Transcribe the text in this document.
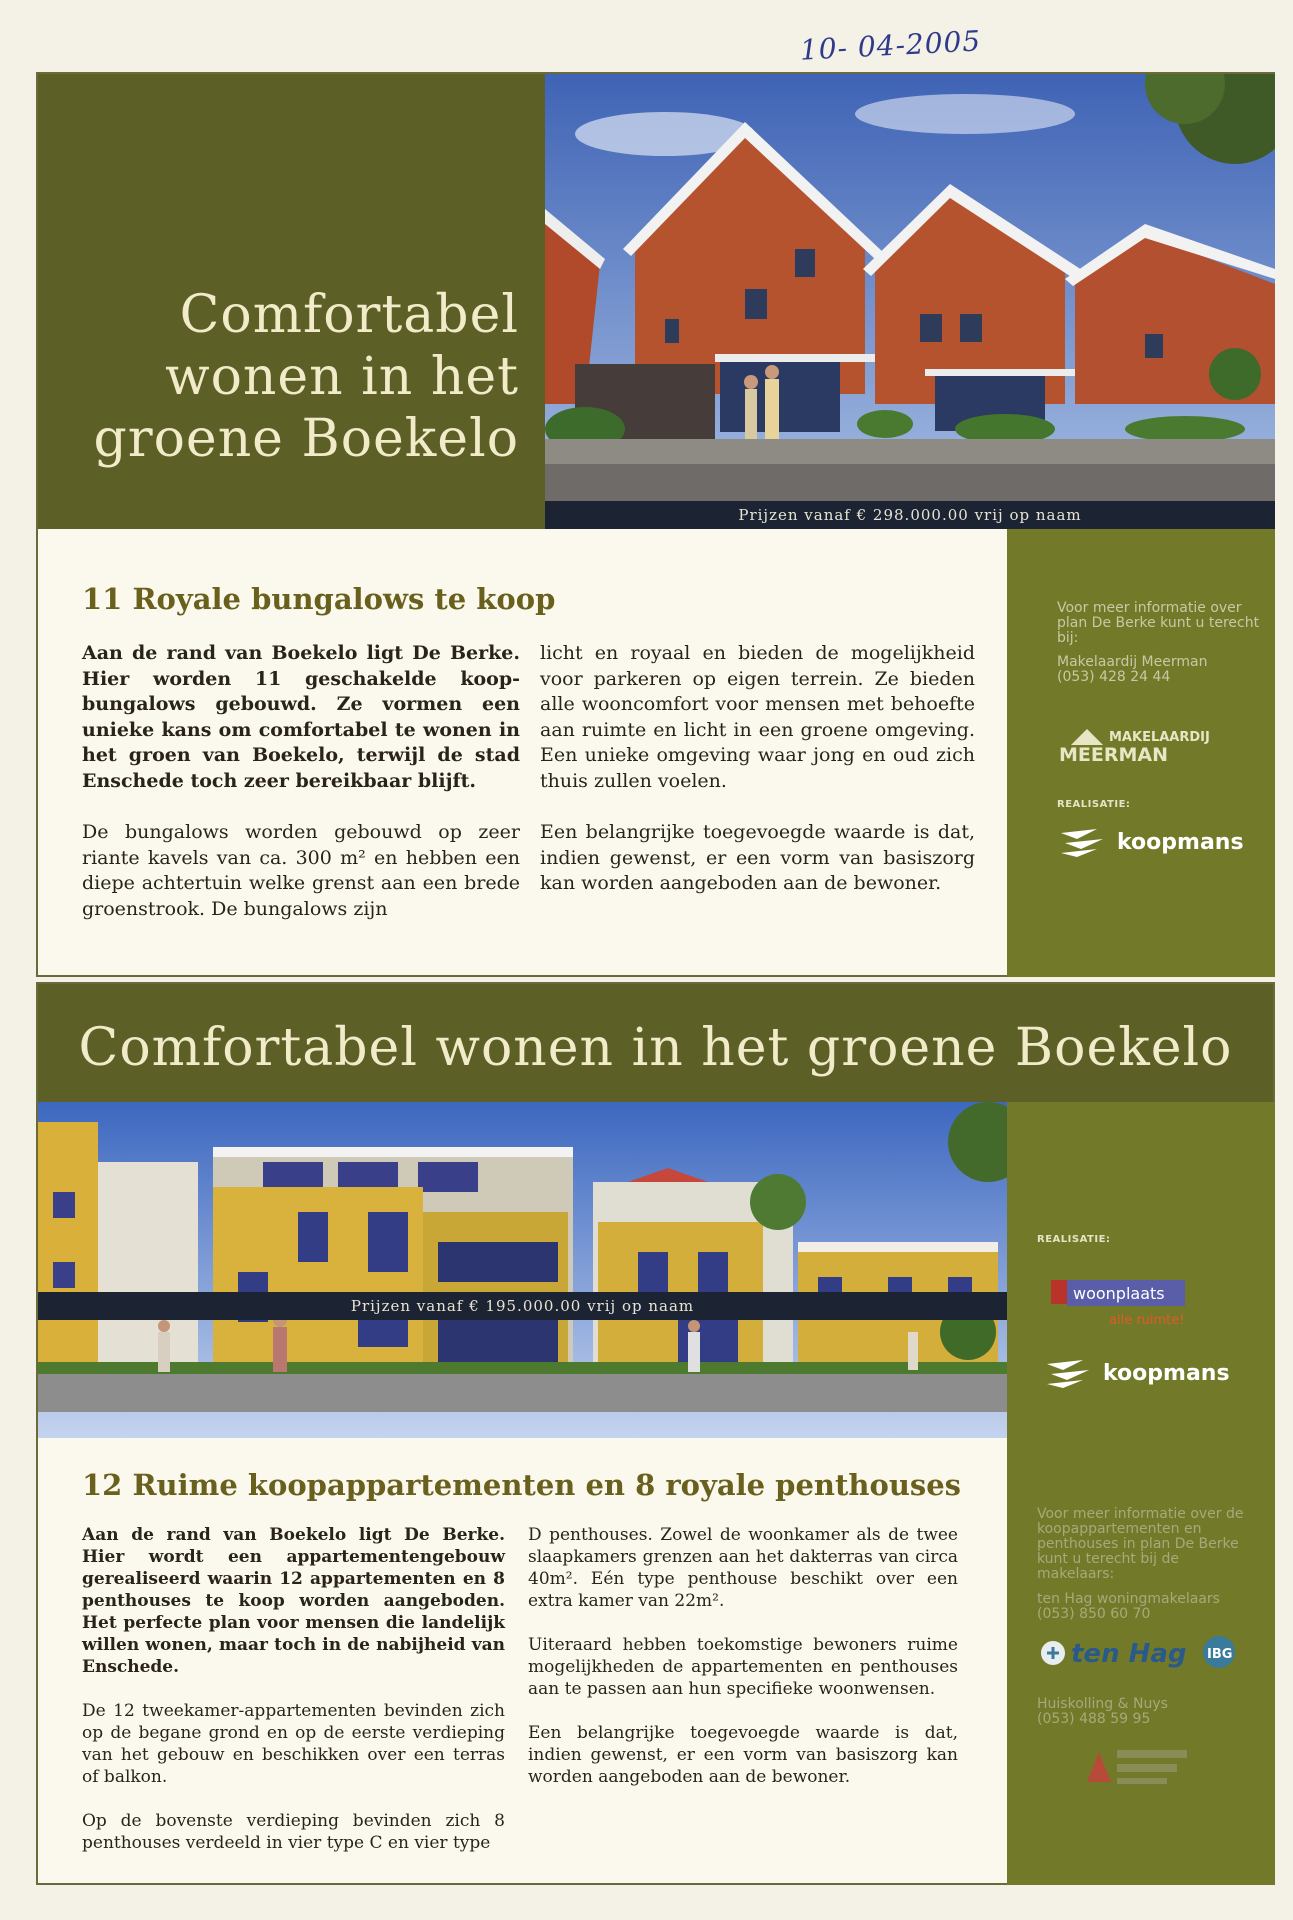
10- 04-2005
Comfortabel
wonen in het
groene Boekelo
Prijzen vanaf € 298.000.00 vrij op naam
11 Royale bungalows te koop

Aan de rand van Boekelo ligt De Berke. Hier worden 11 geschakelde koop-bungalows gebouwd. Ze vormen een unieke kans om comfortabel te wonen in het groen van Boekelo, terwijl de stad Enschede toch zeer bereikbaar blijft.

De bungalows worden gebouwd op zeer riante kavels van ca. 300 m² en hebben een diepe achtertuin welke grenst aan een brede groenstrook. De bungalows zijn

licht en royaal en bieden de mogelijkheid voor parkeren op eigen terrein. Ze bieden alle wooncomfort voor mensen met behoefte aan ruimte en licht in een groene omgeving. Een unieke omgeving waar jong en oud zich thuis zullen voelen.

Een belangrijke toegevoegde waarde is dat, indien gewenst, er een vorm van basiszorg kan worden aangeboden aan de bewoner.

Voor meer informatie over plan De Berke kunt u terecht bij:
Makelaardij Meerman
(053) 428 24 44
MAKELAARDIJ
MEERMAN
REALISATIE:
koopmans
Comfortabel wonen in het groene Boekelo
Prijzen vanaf € 195.000.00 vrij op naam
12 Ruime koopappartementen en 8 royale penthouses

Aan de rand van Boekelo ligt De Berke. Hier wordt een appartementengebouw gerealiseerd waarin 12 appartementen en 8 penthouses te koop worden aangeboden. Het perfecte plan voor mensen die landelijk willen wonen, maar toch in de nabijheid van Enschede.

De 12 tweekamer-appartementen bevinden zich op de begane grond en op de eerste verdieping van het gebouw en beschikken over een terras of balkon.

Op de bovenste verdieping bevinden zich 8 penthouses verdeeld in vier type C en vier type

D penthouses. Zowel de woonkamer als de twee slaapkamers grenzen aan het dakterras van circa 40m². Eén type penthouse beschikt over een extra kamer van 22m².

Uiteraard hebben toekomstige bewoners ruime mogelijkheden de appartementen en penthouses aan te passen aan hun specifieke woonwensen.

Een belangrijke toegevoegde waarde is dat, indien gewenst, er een vorm van basiszorg kan worden aangeboden aan de bewoner.

REALISATIE:
woonplaats
alle ruimte!
koopmans
Voor meer informatie over de koopappartementen en penthouses in plan De Berke kunt u terecht bij de makelaars:
ten Hag woningmakelaars
(053) 850 60 70
ten Hag IBG
Huiskolling & Nuys
(053) 488 59 95
